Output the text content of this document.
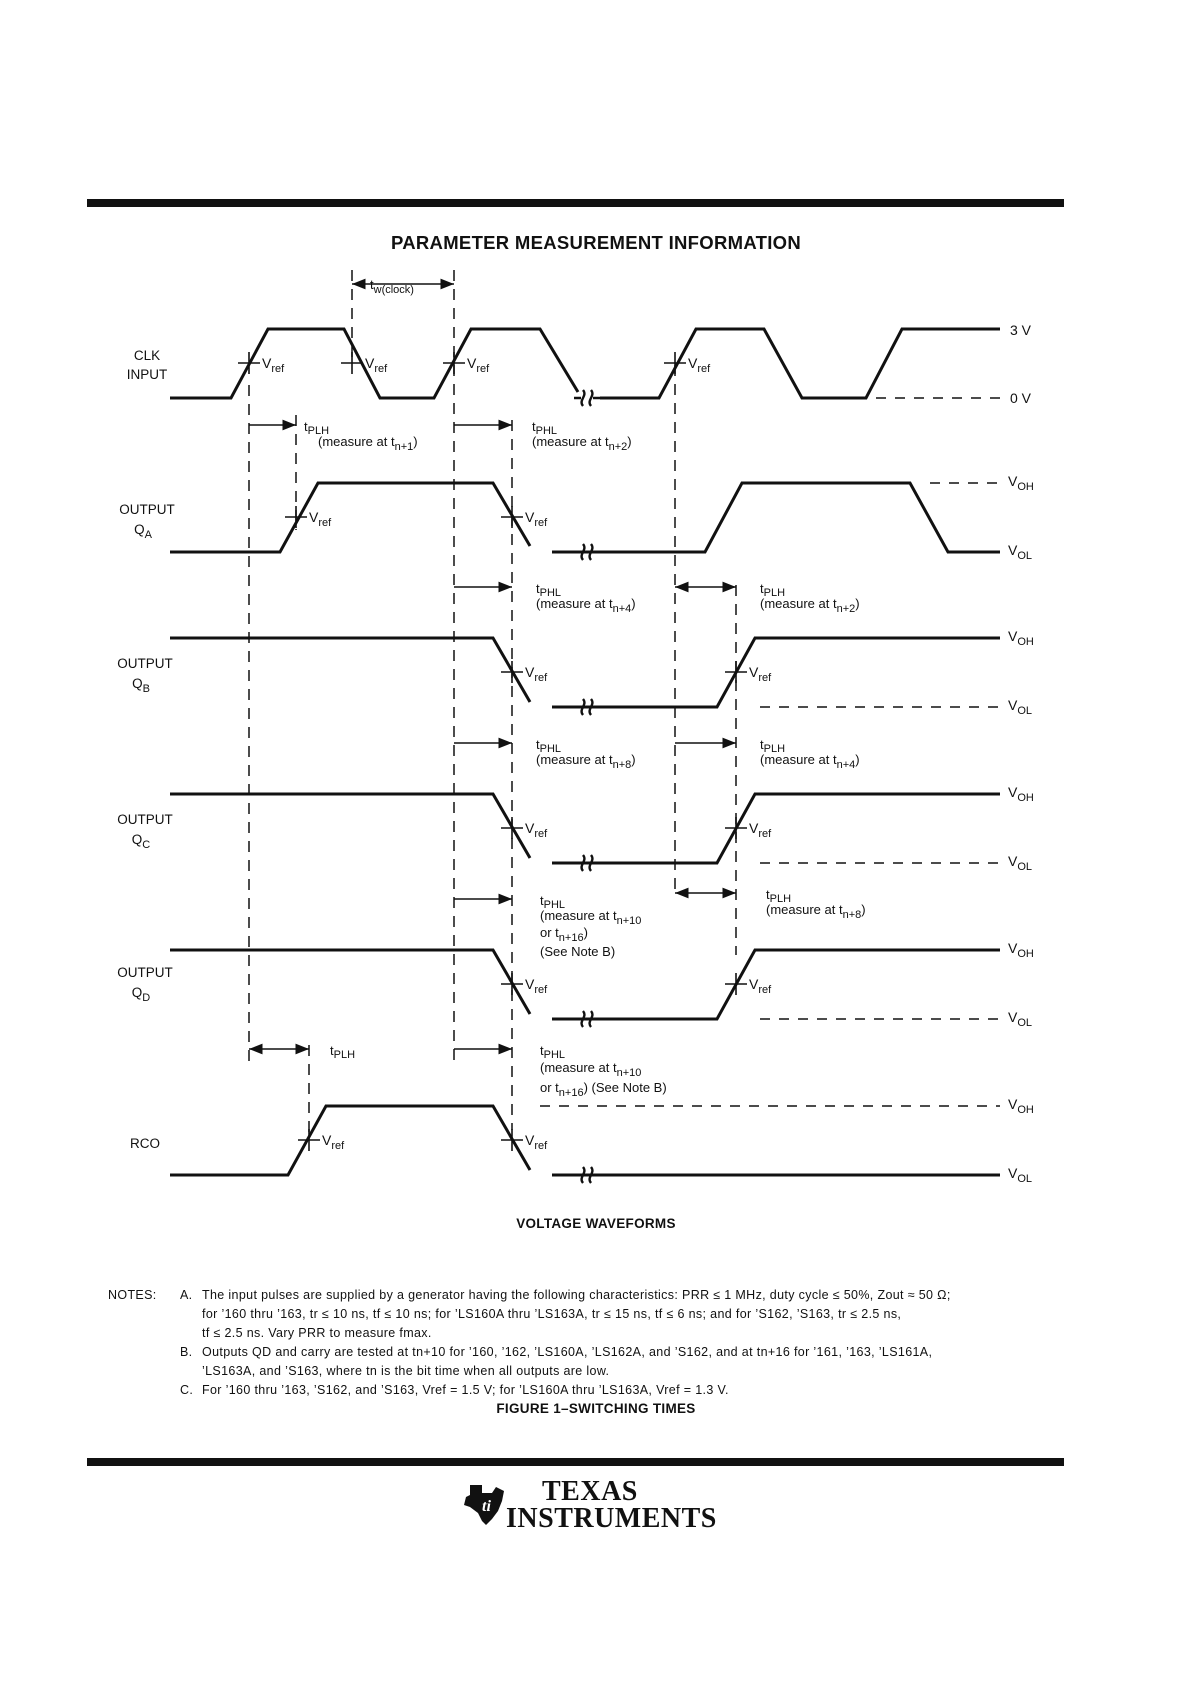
PARAMETER MEASUREMENT INFORMATION
$V_{ref}$	$V_{ref}$	$V_{ref}$	$V_{ref}$
$V_{ref}$	$V_{ref}$
$V_{ref}$	$V_{ref}$
$V_{ref}$	$V_{ref}$
$V_{ref}$	$V_{ref}$
$V_{ref}$	$V_{ref}$
CLK
INPUT
OUTPUT
$Q_A$
OUTPUT
$Q_B$
OUTPUT
$Q_C$
OUTPUT
$Q_D$
RCO
3 V
0 V
$V_{OH}$
$V_{OL}$
$V_{OH}$
$V_{OL}$
$V_{OH}$
$V_{OL}$
$V_{OH}$
$V_{OL}$
$V_{OH}$
$V_{OL}$
$t_{w(clock)}$
$t_{PLH}$
(measure at $t_{n+1}$)
$t_{PHL}$
(measure at $t_{n+2}$)
$t_{PHL}$
(measure at $t_{n+4}$)
$t_{PLH}$
(measure at $t_{n+2}$)
$t_{PHL}$
(measure at $t_{n+8}$)
$t_{PLH}$
(measure at $t_{n+4}$)
$t_{PHL}$
(measure at $t_{n+10}$
or $t_{n+16}$)
(See Note B)
$t_{PLH}$
(measure at $t_{n+8}$)
$t_{PLH}$	$t_{PHL}$
(measure at $t_{n+10}$
or $t_{n+16}$) (See Note B)
VOLTAGE WAVEFORMS
NOTES:	A. The input pulses are supplied by a generator having the following characteristics: PRR ≤ 1 MHz, duty cycle ≤ 50%, Zout ≈ 50 Ω;
for ’160 thru ’163, tr ≤ 10 ns, tf ≤ 10 ns; for ’LS160A thru ’LS163A, tr ≤ 15 ns, tf ≤ 6 ns; and for ’S162, ’S163, tr ≤ 2.5 ns,
tf ≤ 2.5 ns. Vary PRR to measure fmax.
B. Outputs QD and carry are tested at tn+10 for ’160, ’162, ’LS160A, ’LS162A, and ’S162, and at tn+16 for ’161, ’163, ’LS161A,
’LS163A, and ’S163, where tn is the bit time when all outputs are low.
C. For ’160 thru ’163, ’S162, and ’S163, Vref = 1.5 V; for ’LS160A thru ’LS163A, Vref = 1.3 V.
FIGURE 1–SWITCHING TIMES
ti	TEXAS
INSTRUMENTS
